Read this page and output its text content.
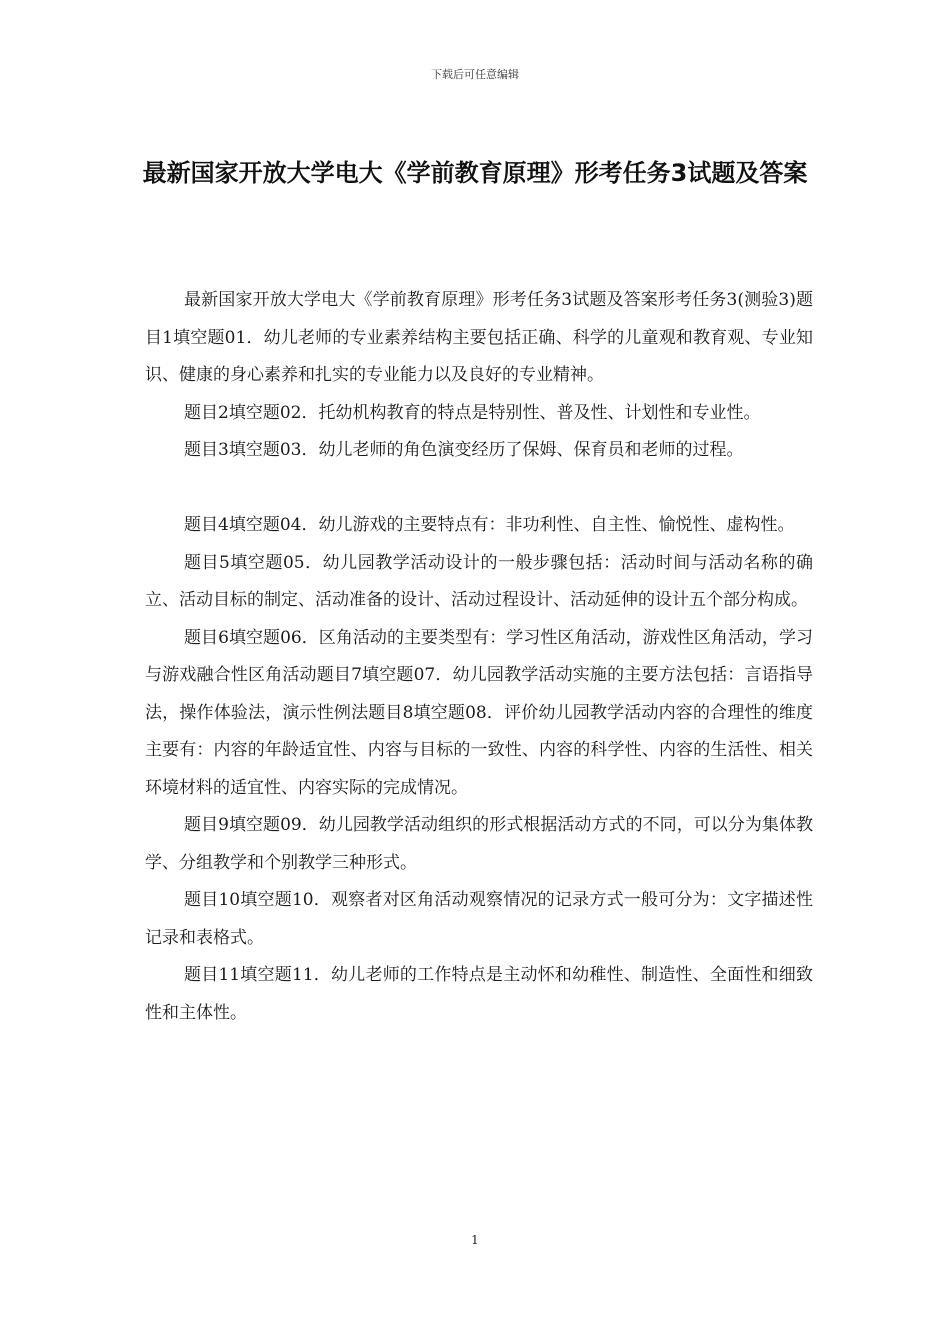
下载后可任意编辑
最新国家开放大学电大《学前教育原理》形考任务3试题及答案

最新国家开放大学电大《学前教育原理》形考任务3试题及答案形考任务3(测验3)题目1填空题01．幼儿老师的专业素养结构主要包括正确、科学的儿童观和教育观、专业知识、健康的身心素养和扎实的专业能力以及良好的专业精神。

题目2填空题02．托幼机构教育的特点是特别性、普及性、计划性和专业性。

题目3填空题03．幼儿老师的角色演变经历了保姆、保育员和老师的过程。

题目4填空题04．幼儿游戏的主要特点有：非功利性、自主性、愉悦性、虚构性。

题目5填空题05．幼儿园教学活动设计的一般步骤包括：活动时间与活动名称的确立、活动目标的制定、活动准备的设计、活动过程设计、活动延伸的设计五个部分构成。

题目6填空题06．区角活动的主要类型有：学习性区角活动，游戏性区角活动，学习与游戏融合性区角活动题目7填空题07．幼儿园教学活动实施的主要方法包括：言语指导法，操作体验法，演示性例法题目8填空题08．评价幼儿园教学活动内容的合理性的维度主要有：内容的年龄适宜性、内容与目标的一致性、内容的科学性、内容的生活性、相关环境材料的适宜性、内容实际的完成情况。

题目9填空题09．幼儿园教学活动组织的形式根据活动方式的不同，可以分为集体教学、分组教学和个别教学三种形式。

题目10填空题10．观察者对区角活动观察情况的记录方式一般可分为：文字描述性记录和表格式。

题目11填空题11．幼儿老师的工作特点是主动怀和幼稚性、制造性、全面性和细致性和主体性。

1
